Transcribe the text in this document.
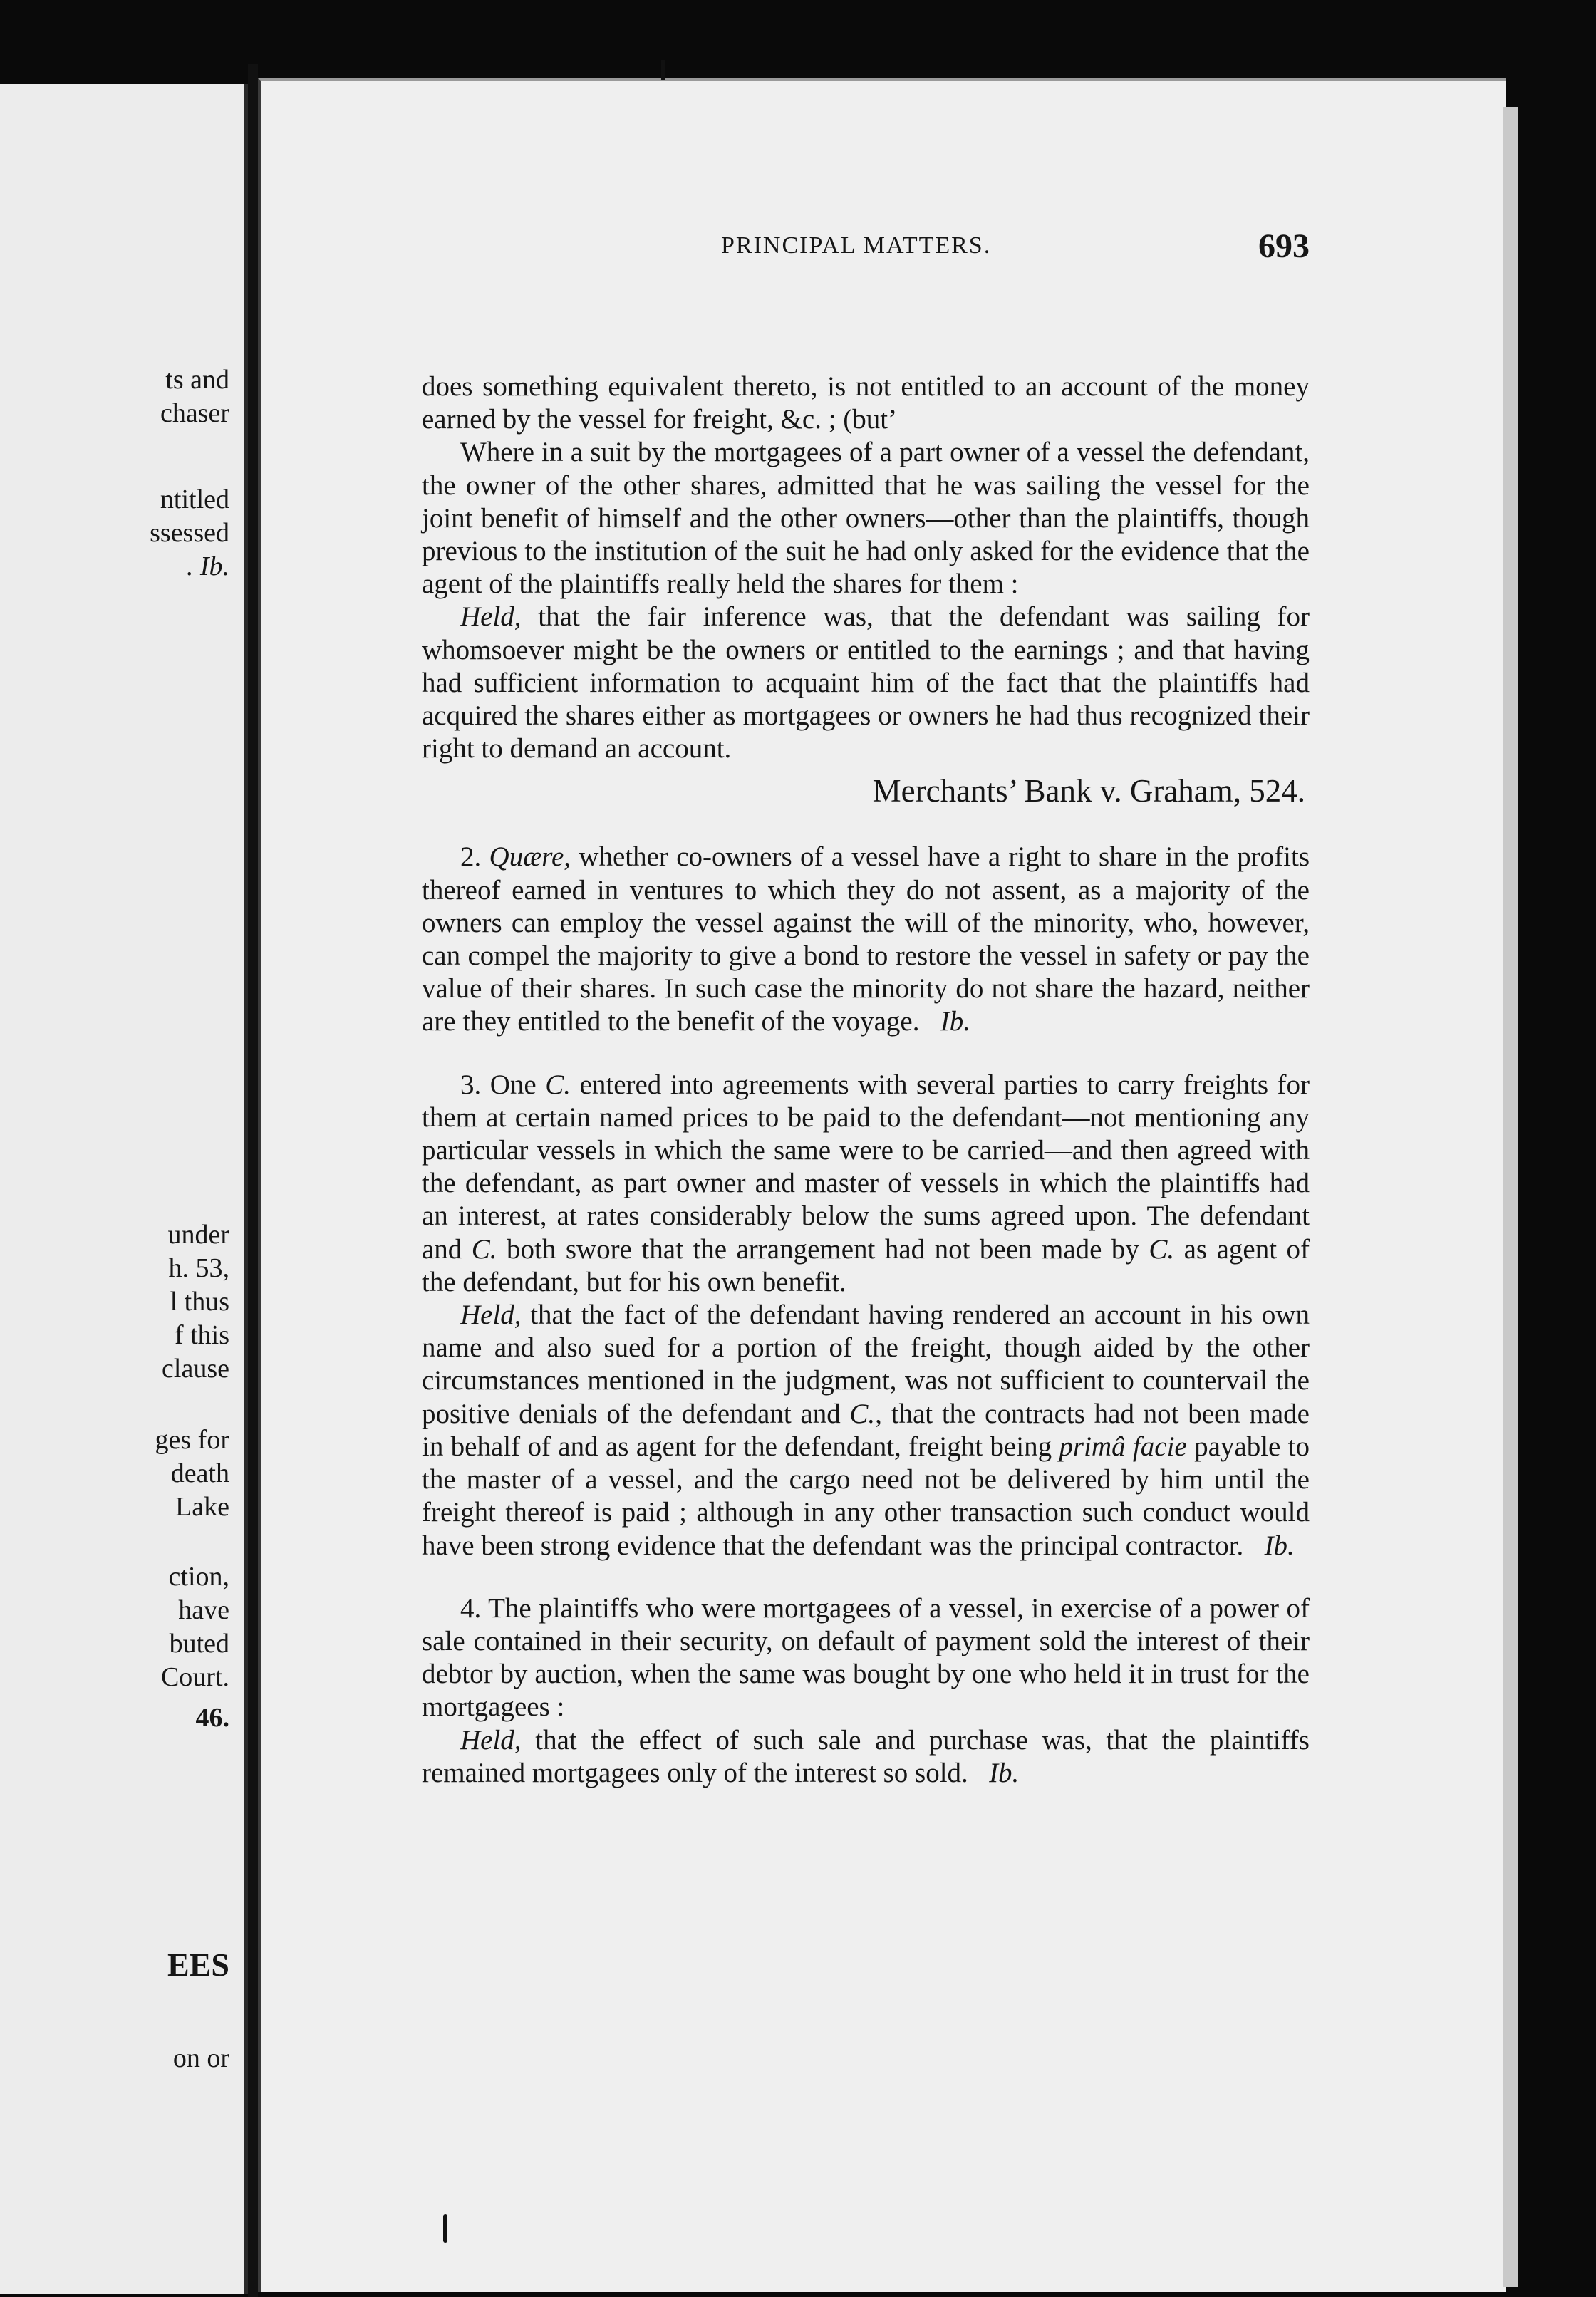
ts and

chaser

ntitled

ssessed

. Ib.

under

h. 53,

l thus

f this

clause

ges for

death

Lake

ction,

have

buted

Court.

46.

EES

on or

PRINCIPAL MATTERS.	693

does something equivalent thereto, is not entitled to an account of the money earned by the vessel for freight, &c. ; (but’

Where in a suit by the mortgagees of a part owner of a vessel the defendant, the owner of the other shares, admitted that he was sailing the vessel for the joint benefit of himself and the other owners—other than the plaintiffs, though previous to the institution of the suit he had only asked for the evidence that the agent of the plaintiffs really held the shares for them :

Held, that the fair inference was, that the defendant was sailing for whomsoever might be the owners or entitled to the earnings ; and that having had sufficient information to acquaint him of the fact that the plaintiffs had acquired the shares either as mortgagees or owners he had thus recognized their right to demand an account.

Merchants’ Bank v. Graham, 524.

2. Quære, whether co-owners of a vessel have a right to share in the profits thereof earned in ventures to which they do not assent, as a majority of the owners can employ the vessel against the will of the minority, who, however, can compel the majority to give a bond to restore the vessel in safety or pay the value of their shares. In such case the minority do not share the hazard, neither are they entitled to the benefit of the voyage. Ib.

3. One C. entered into agreements with several parties to carry freights for them at certain named prices to be paid to the defendant—not mentioning any particular vessels in which the same were to be carried—and then agreed with the defendant, as part owner and master of vessels in which the plaintiffs had an interest, at rates considerably below the sums agreed upon. The defendant and C. both swore that the arrangement had not been made by C. as agent of the defendant, but for his own benefit.

Held, that the fact of the defendant having rendered an account in his own name and also sued for a portion of the freight, though aided by the other circumstances mentioned in the judgment, was not sufficient to countervail the positive denials of the defendant and C., that the contracts had not been made in behalf of and as agent for the defendant, freight being primâ facie payable to the master of a vessel, and the cargo need not be delivered by him until the freight thereof is paid ; although in any other transaction such conduct would have been strong evidence that the defendant was the principal contractor. Ib.

4. The plaintiffs who were mortgagees of a vessel, in exercise of a power of sale contained in their security, on default of payment sold the interest of their debtor by auction, when the same was bought by one who held it in trust for the mortgagees :

Held, that the effect of such sale and purchase was, that the plaintiffs remained mortgagees only of the interest so sold. Ib.
